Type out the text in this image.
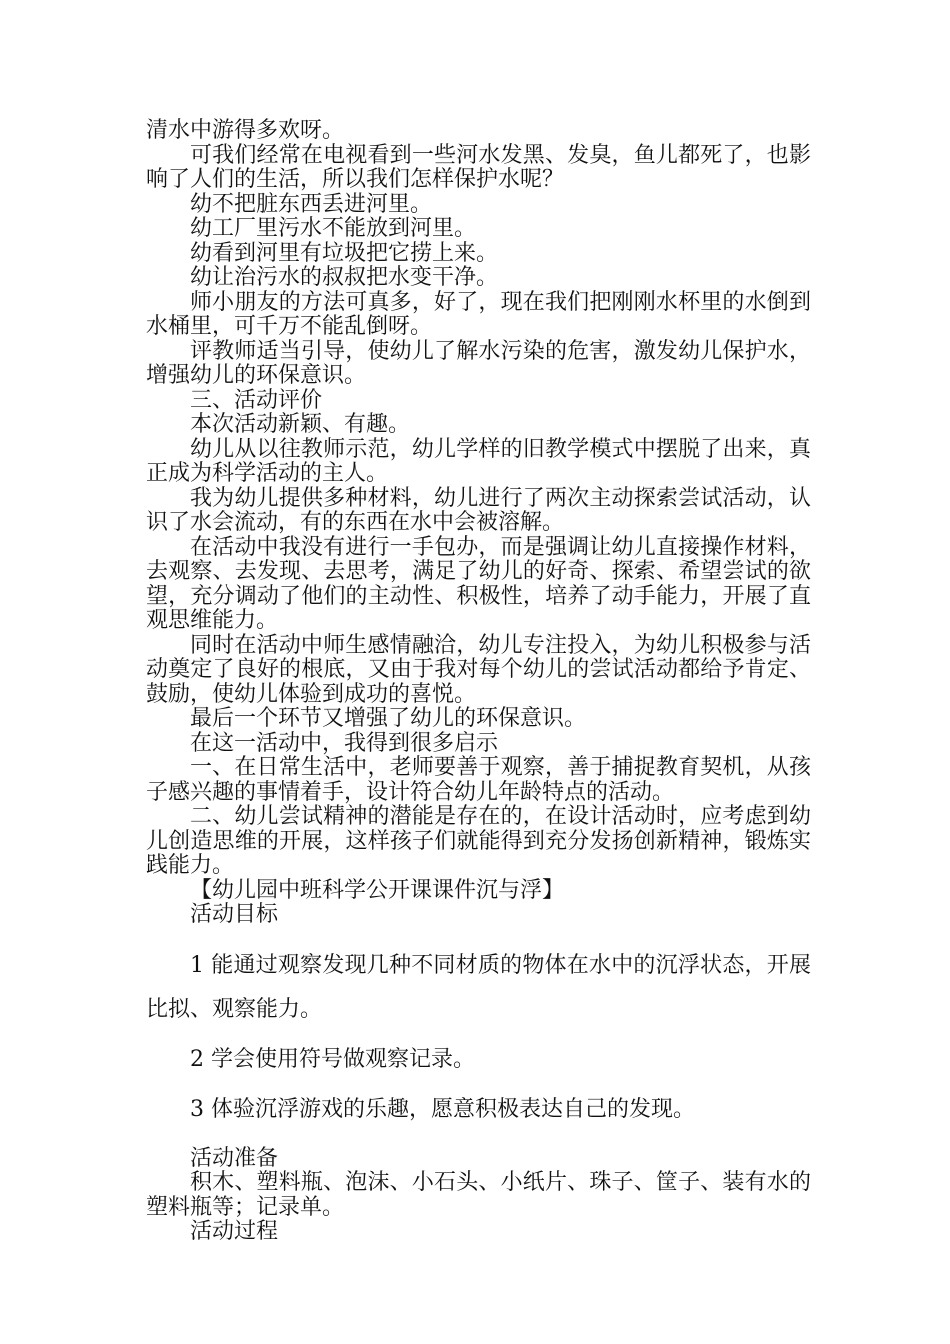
清水中游得多欢呀。

可我们经常在电视看到一些河水发黑、发臭，鱼儿都死了，也影响了人们的生活，所以我们怎样保护水呢？

幼不把脏东西丢进河里。

幼工厂里污水不能放到河里。

幼看到河里有垃圾把它捞上来。

幼让治污水的叔叔把水变干净。

师小朋友的方法可真多，好了，现在我们把刚刚水杯里的水倒到水桶里，可千万不能乱倒呀。

评教师适当引导，使幼儿了解水污染的危害，激发幼儿保护水，增强幼儿的环保意识。

三、活动评价

本次活动新颖、有趣。

幼儿从以往教师示范，幼儿学样的旧教学模式中摆脱了出来，真正成为科学活动的主人。

我为幼儿提供多种材料，幼儿进行了两次主动探索尝试活动，认识了水会流动，有的东西在水中会被溶解。

在活动中我没有进行一手包办，而是强调让幼儿直接操作材料，去观察、去发现、去思考，满足了幼儿的好奇、探索、希望尝试的欲望，充分调动了他们的主动性、积极性，培养了动手能力，开展了直观思维能力。

同时在活动中师生感情融洽，幼儿专注投入，为幼儿积极参与活动奠定了良好的根底，又由于我对每个幼儿的尝试活动都给予肯定、鼓励，使幼儿体验到成功的喜悦。

最后一个环节又增强了幼儿的环保意识。

在这一活动中，我得到很多启示

一、在日常生活中，老师要善于观察，善于捕捉教育契机，从孩子感兴趣的事情着手，设计符合幼儿年龄特点的活动。

二、幼儿尝试精神的潜能是存在的，在设计活动时，应考虑到幼儿创造思维的开展，这样孩子们就能得到充分发扬创新精神，锻炼实践能力。

【幼儿园中班科学公开课课件沉与浮】

活动目标

1 能通过观察发现几种不同材质的物体在水中的沉浮状态，开展比拟、观察能力。

2 学会使用符号做观察记录。

3 体验沉浮游戏的乐趣，愿意积极表达自己的发现。

活动准备

积木、塑料瓶、泡沫、小石头、小纸片、珠子、筐子、装有水的塑料瓶等；记录单。

活动过程
